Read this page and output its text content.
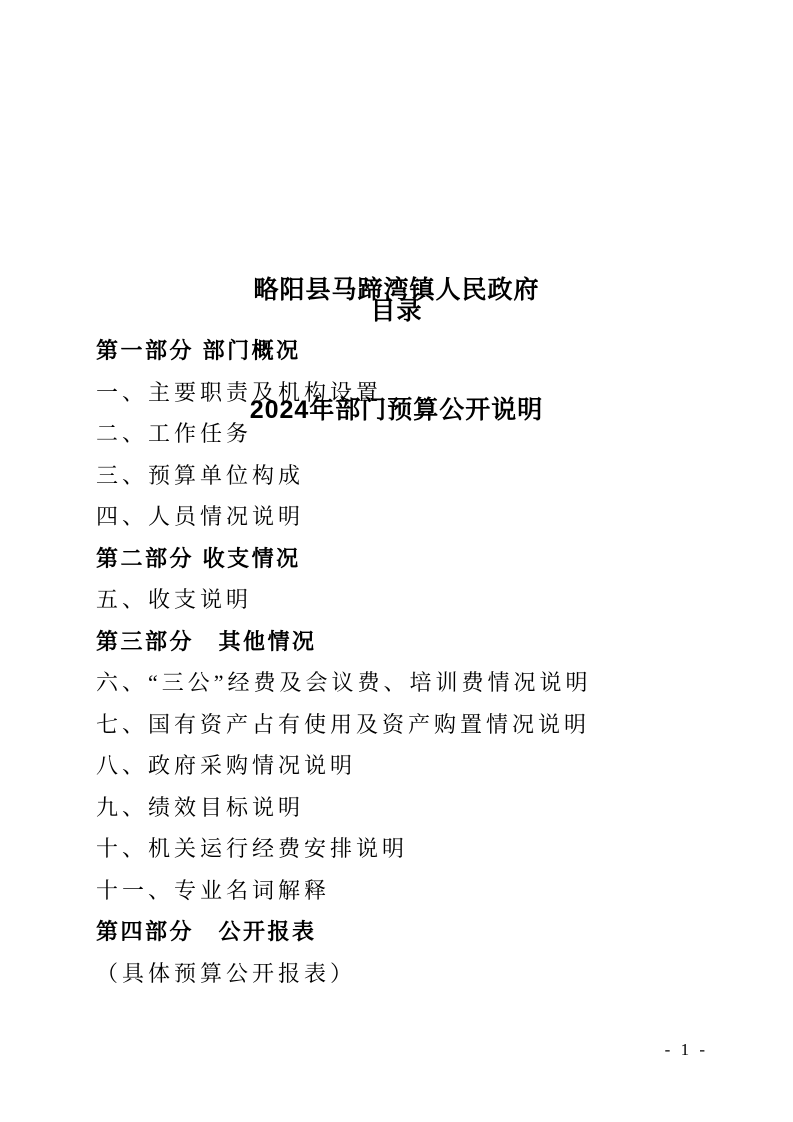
略阳县马蹄湾镇人民政府

2024年部门预算公开说明

目录
第一部分 部门概况
一、主要职责及机构设置
二、工作任务
三、预算单位构成
四、人员情况说明
第二部分 收支情况
五、收支说明
第三部分　其他情况
六、“三公”经费及会议费、培训费情况说明
七、国有资产占有使用及资产购置情况说明
八、政府采购情况说明
九、绩效目标说明
十、机关运行经费安排说明
十一、专业名词解释
第四部分　公开报表
（具体预算公开报表）
- 1 -
